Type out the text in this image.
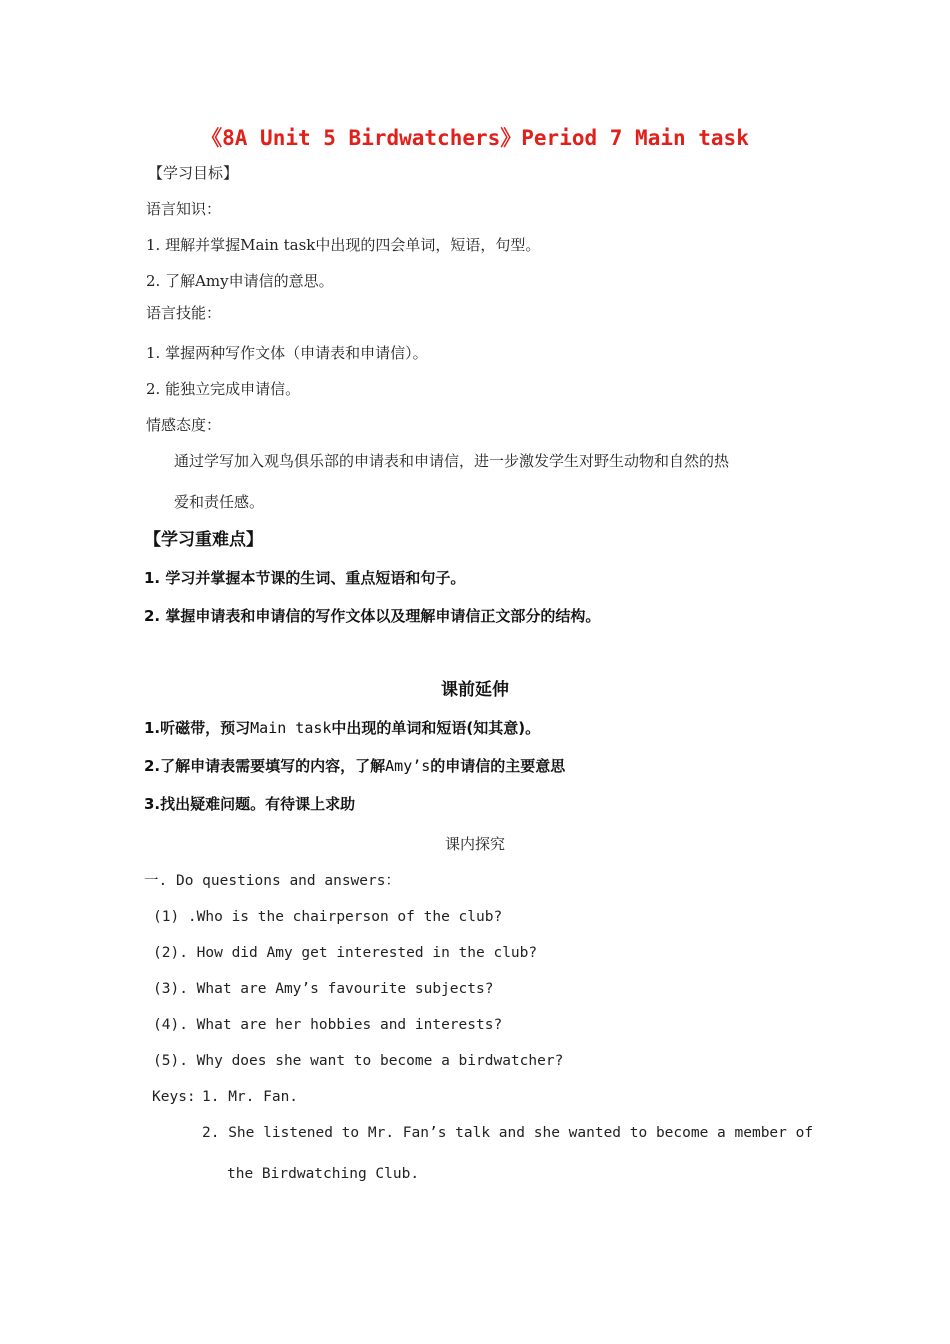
《8A Unit 5 Birdwatchers》Period 7 Main task
【学习目标】
语言知识：
1. 理解并掌握Main task中出现的四会单词，短语，句型。
2. 了解Amy申请信的意思。
语言技能：
1. 掌握两种写作文体（申请表和申请信）。
2. 能独立完成申请信。
情感态度：
通过学写加入观鸟俱乐部的申请表和申请信，进一步激发学生对野生动物和自然的热
爱和责任感。
【学习重难点】
1. 学习并掌握本节课的生词、重点短语和句子。
2. 掌握申请表和申请信的写作文体以及理解申请信正文部分的结构。
课前延伸
1.听磁带，预习Main task中出现的单词和短语(知其意)。
2.了解申请表需要填写的内容，了解Amy’s的申请信的主要意思
3.找出疑难问题。有待课上求助
课内探究
一. Do questions and answers：
(1) .Who is the chairperson of the club?
(2). How did Amy get interested in the club?
(3). What are Amy’s favourite subjects?
(4). What are her hobbies and interests?
(5). Why does she want to become a birdwatcher?
Keys: 1. Mr. Fan.
2. She listened to Mr. Fan’s talk and she wanted to become a member of
the Birdwatching Club.
